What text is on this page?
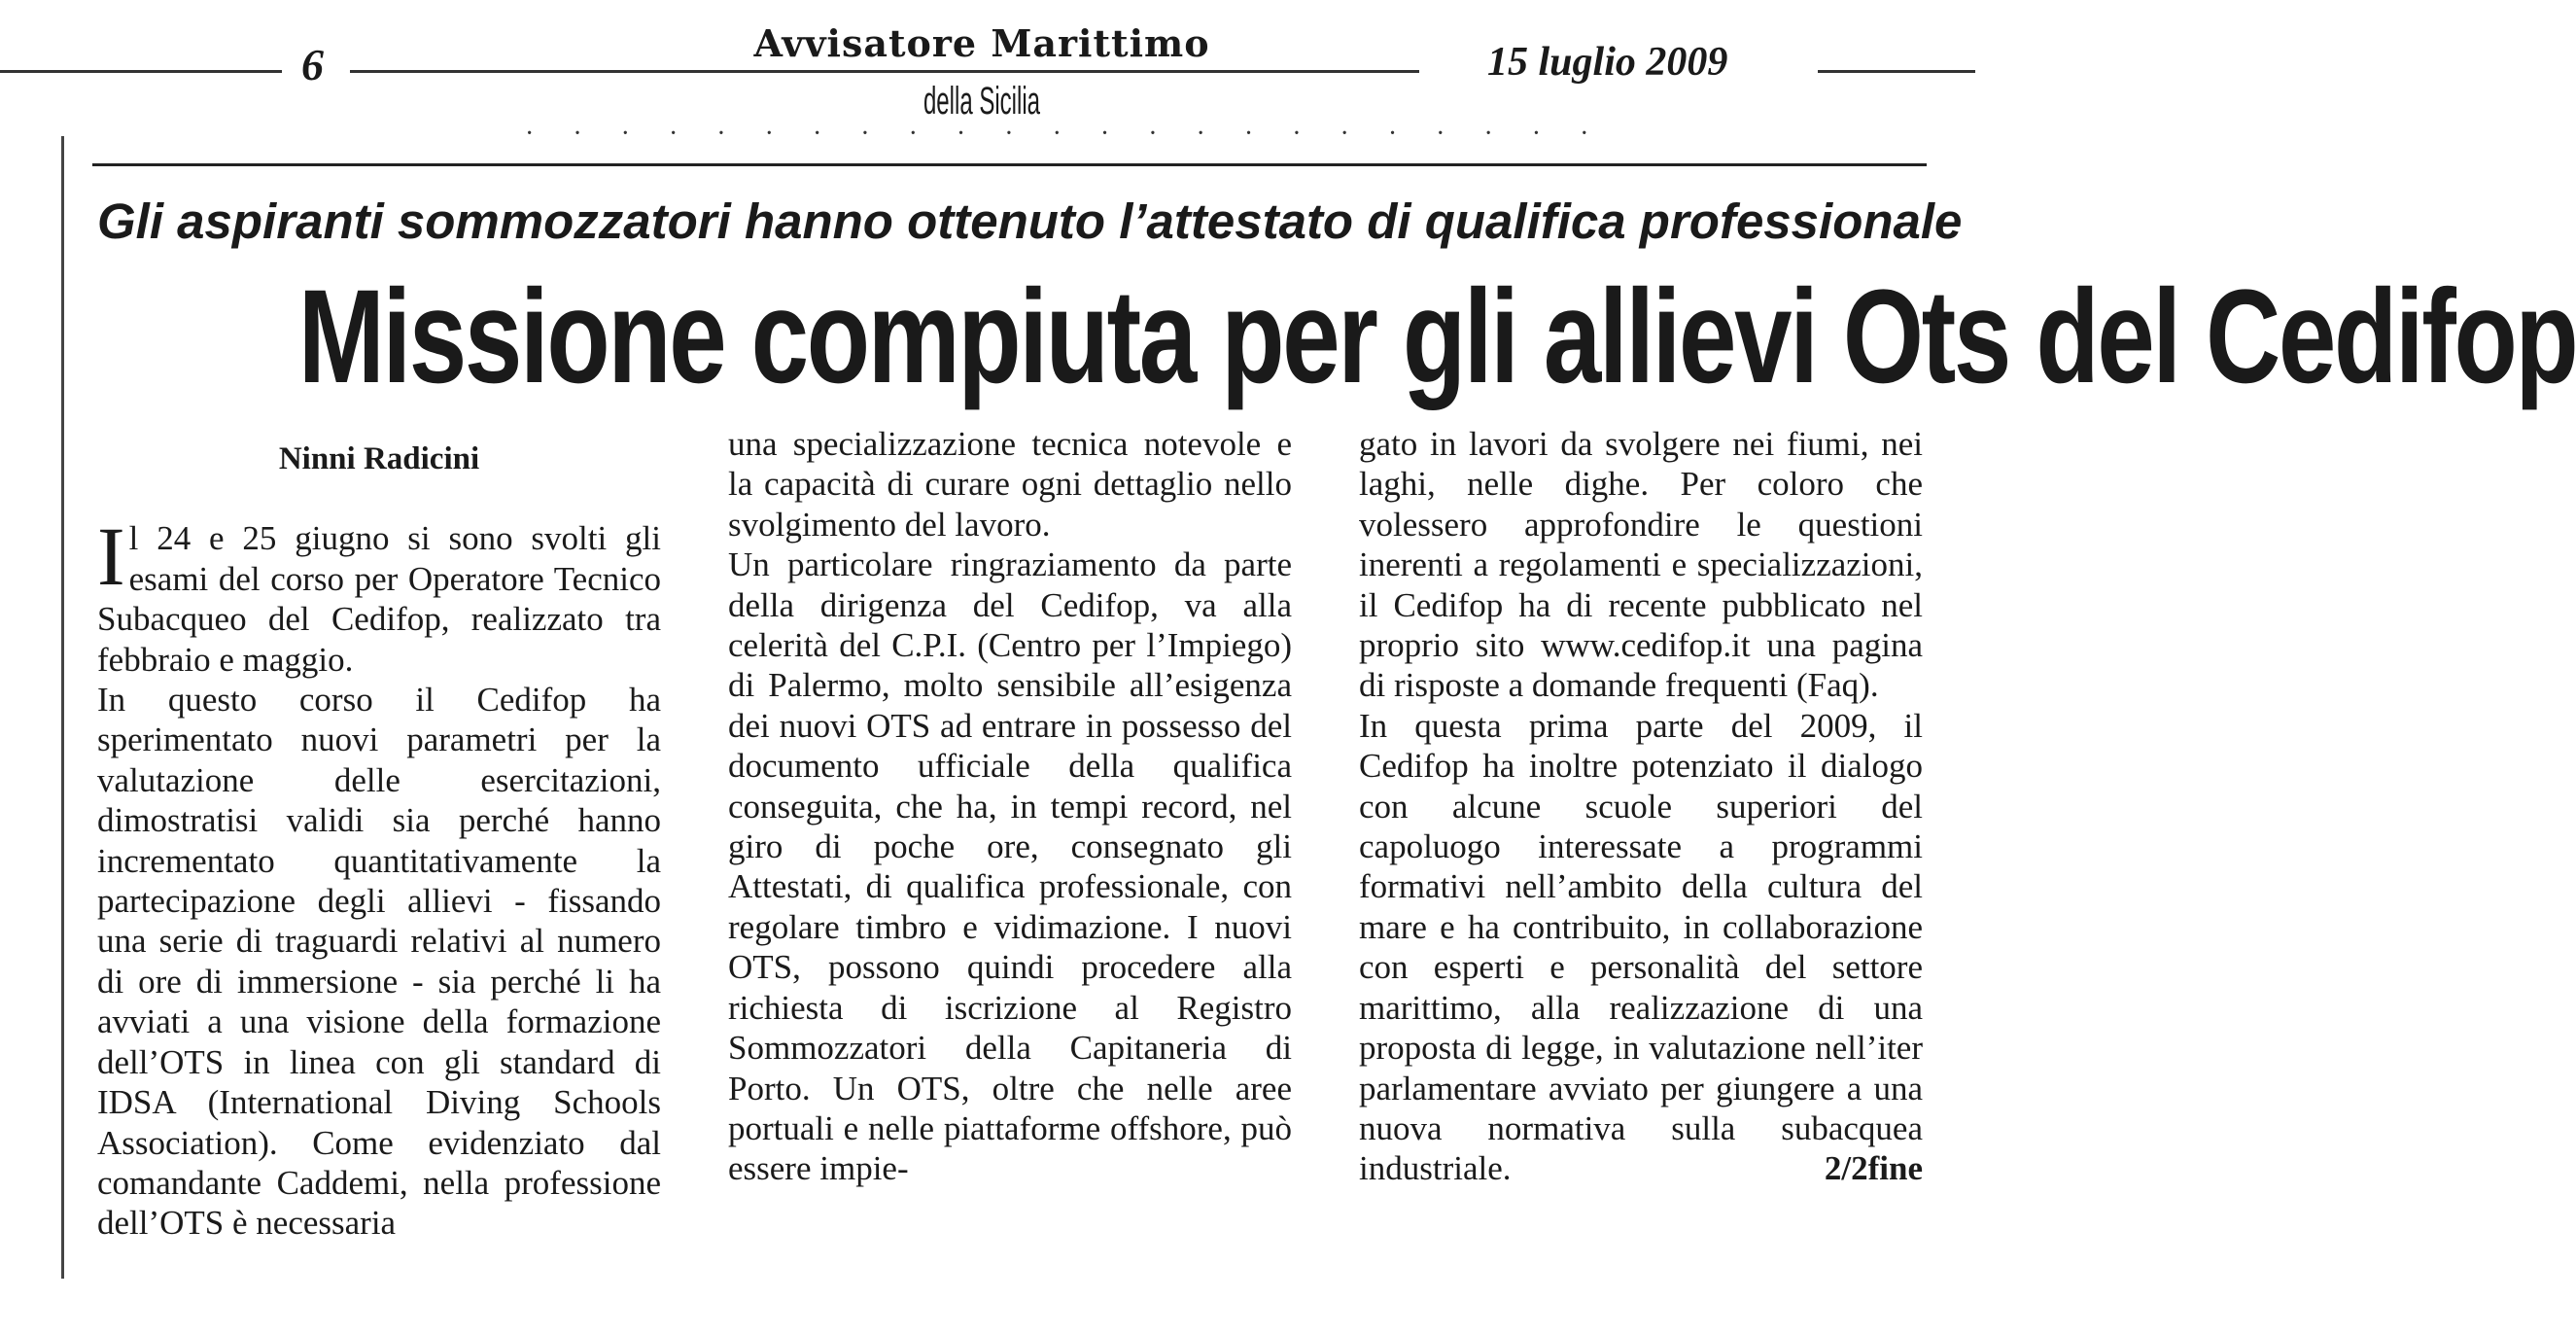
6	Avvisatore Marittimo
della Sicilia
15 luglio 2009
·······················
Gli aspiranti sommozzatori hanno ottenuto l’attestato di qualifica professionale
Missione compiuta per gli allievi Ots del Cedifop

Ninni Radicini

Il 24 e 25 giugno si sono svolti gli esami del corso per Operatore Tecnico Subacqueo del Cedifop, realizzato tra febbraio e maggio.

In questo corso il Cedifop ha sperimentato nuovi parametri per la valutazione delle esercitazioni, dimostratisi validi sia perché hanno incrementato quantitativamente la partecipazione degli allievi - fissando una serie di traguardi relativi al numero di ore di immersione - sia perché li ha avviati a una visione della formazione dell’OTS in linea con gli standard di IDSA (International Diving Schools Association). Come evidenziato dal comandante Caddemi, nella professione dell’OTS è necessaria

una specializzazione tecnica notevole e la capacità di curare ogni dettaglio nello svolgimento del lavoro.

Un particolare ringraziamento da parte della dirigenza del Cedifop, va alla celerità del C.P.I. (Centro per l’Impiego) di Palermo, molto sensibile all’esigenza dei nuovi OTS ad entrare in possesso del documento ufficiale della qualifica conseguita, che ha, in tempi record, nel giro di poche ore, consegnato gli Attestati, di qualifica professionale, con regolare timbro e vidimazione. I nuovi OTS, possono quindi procedere alla richiesta di iscrizione al Registro Sommozzatori della Capitaneria di Porto. Un OTS, oltre che nelle aree portuali e nelle piattaforme offshore, può essere impie-

gato in lavori da svolgere nei fiumi, nei laghi, nelle dighe. Per coloro che volessero approfondire le questioni inerenti a regolamenti e specializzazioni, il Cedifop ha di recente pubblicato nel proprio sito www.cedifop.it una pagina di risposte a domande frequenti (Faq).

In questa prima parte del 2009, il Cedifop ha inoltre potenziato il dialogo con alcune scuole superiori del capoluogo interessate a programmi formativi nell’ambito della cultura del mare e ha contribuito, in collaborazione con esperti e personalità del settore marittimo, alla realizzazione di una proposta di legge, in valutazione nell’iter parlamentare avviato per giungere a una nuova normativa sulla subacquea industriale.	2/2fine
